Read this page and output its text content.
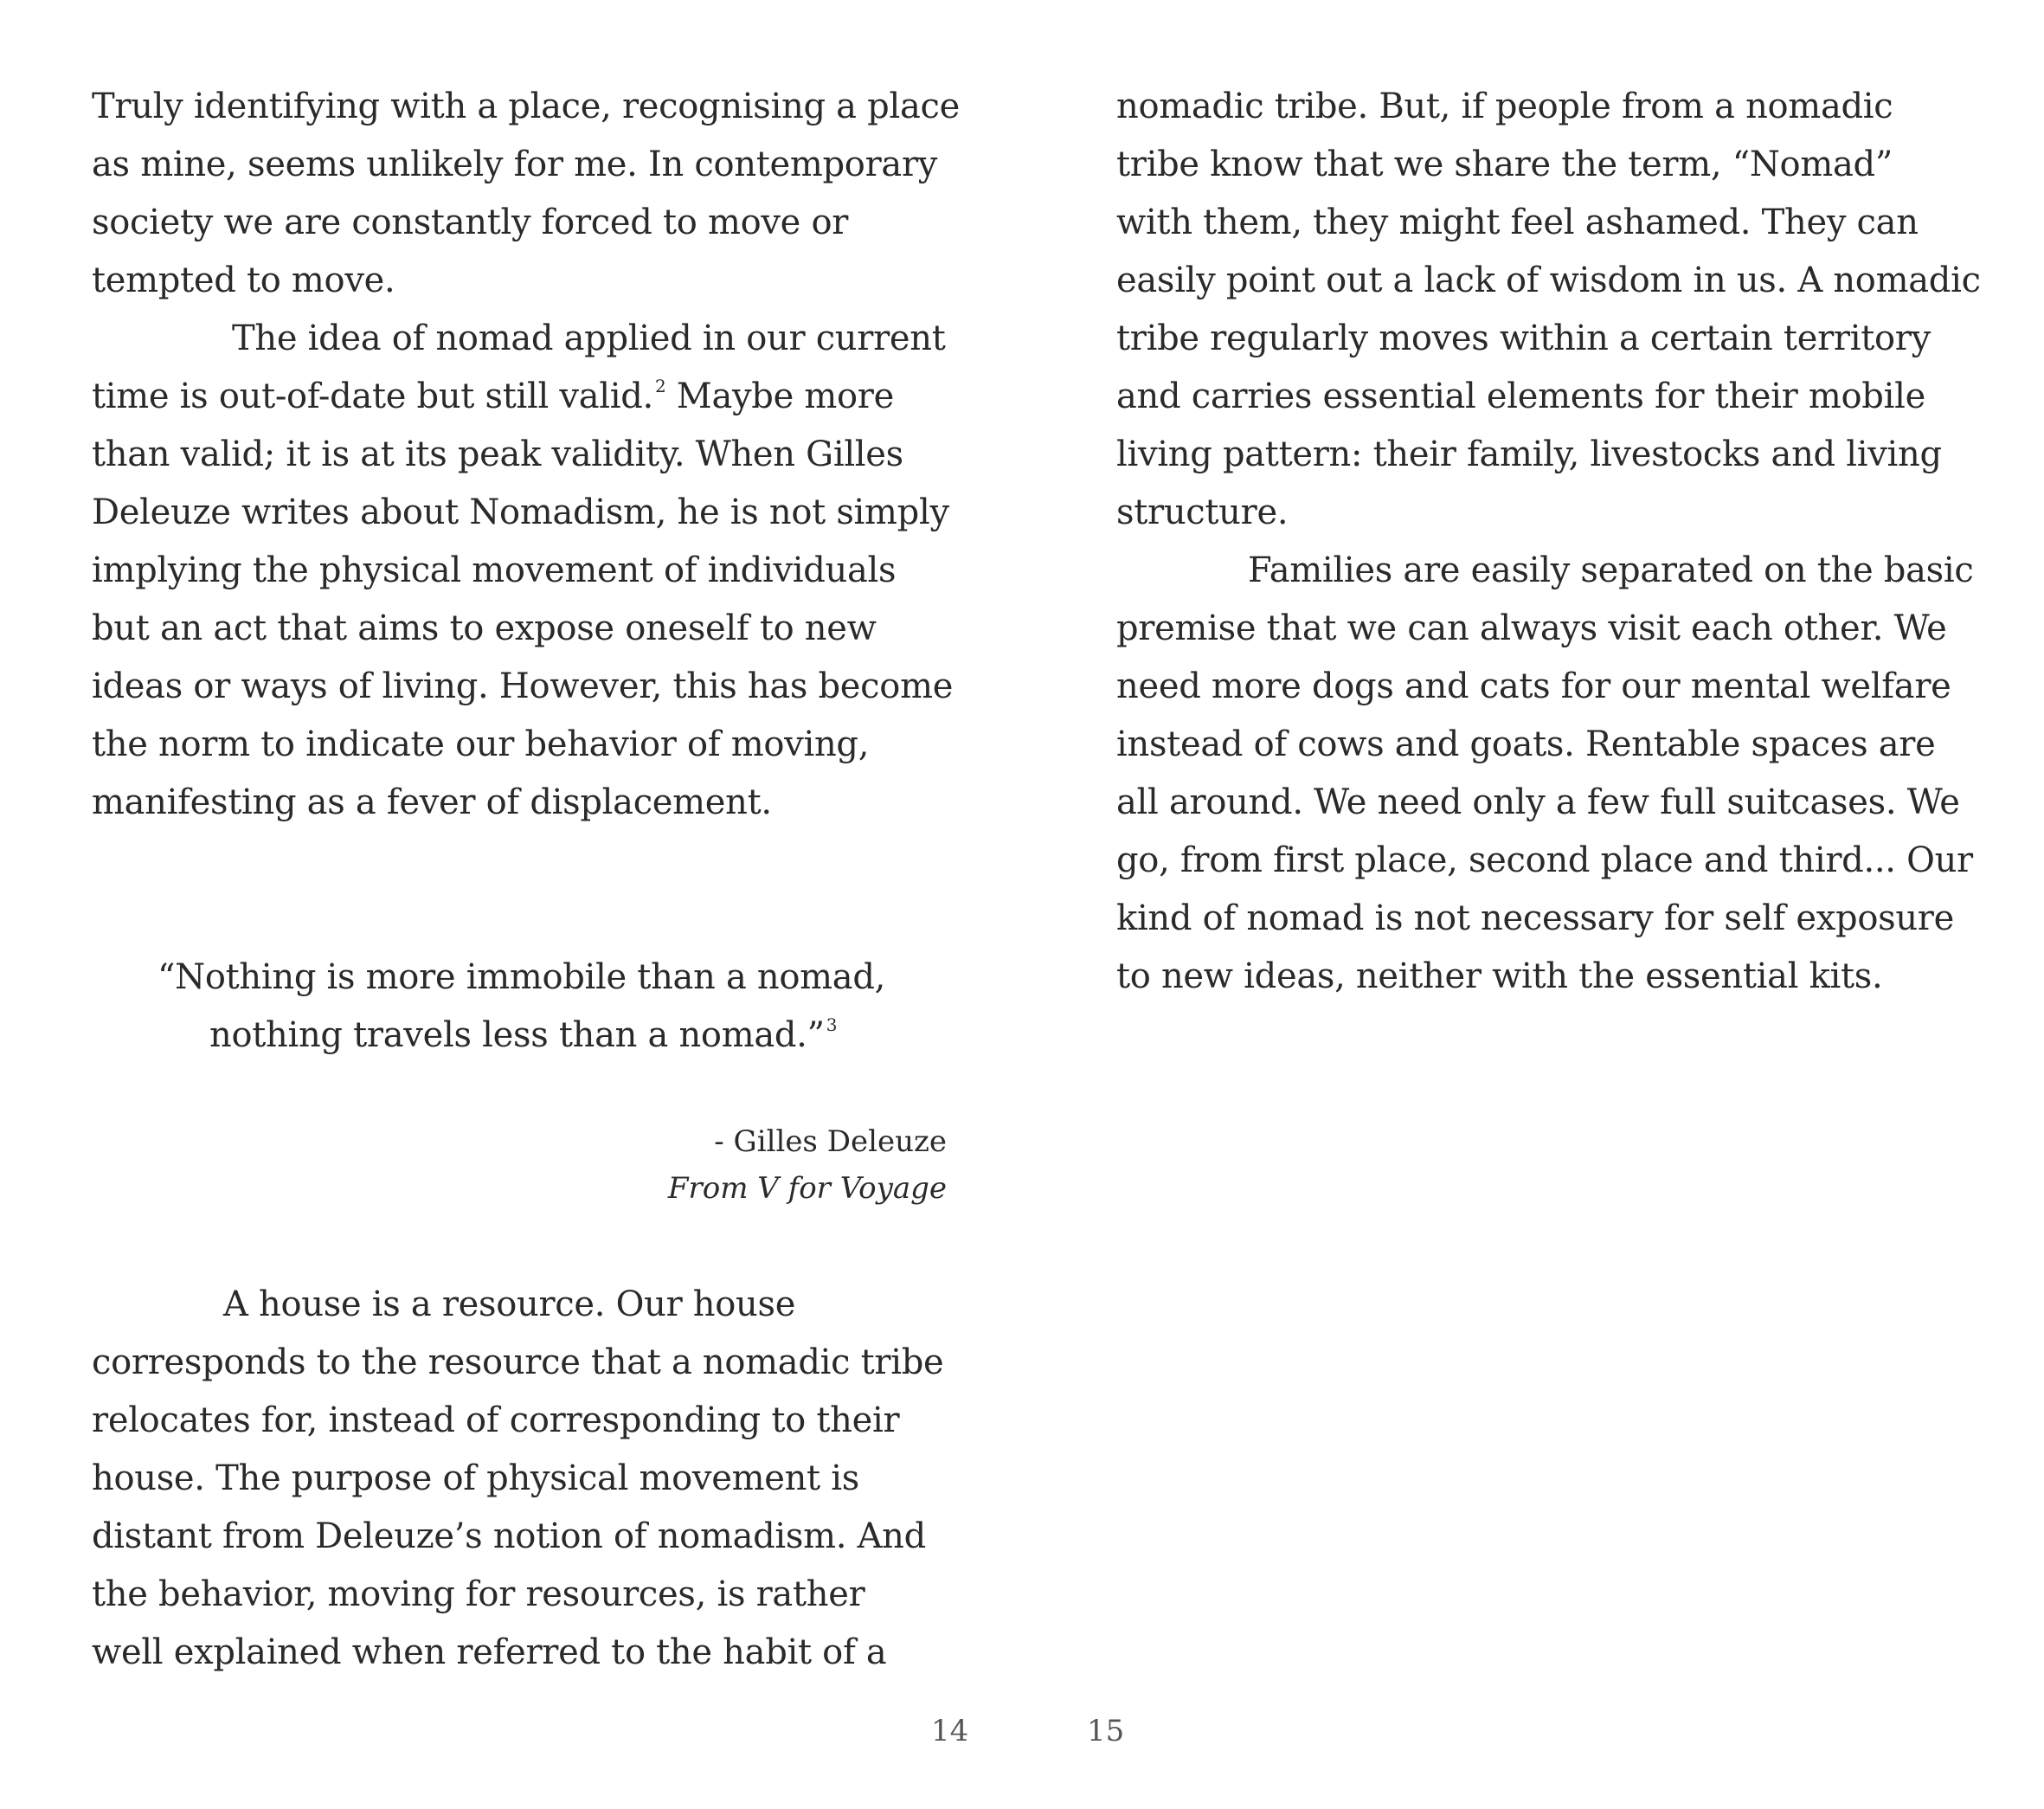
Truly identifying with a place, recognising a place
as mine, seems unlikely for me. In contemporary
society we are constantly forced to move or
tempted to move.
The idea of nomad applied in our current
time is out-of-date but still valid. $^2$ Maybe more
than valid; it is at its peak validity. When Gilles
Deleuze writes about Nomadism, he is not simply
implying the physical movement of individuals
but an act that aims to expose oneself to new
ideas or ways of living. However, this has become
the norm to indicate our behavior of moving,
manifesting as a fever of displacement.
“Nothing is more immobile than a nomad,
nothing travels less than a nomad.” $^3$
- Gilles Deleuze
From V for Voyage
A house is a resource. Our house
corresponds to the resource that a nomadic tribe
relocates for, instead of corresponding to their
house. The purpose of physical movement is
distant from Deleuze’s notion of nomadism. And
the behavior, moving for resources, is rather
well explained when referred to the habit of a
nomadic tribe. But, if people from a nomadic
tribe know that we share the term, “Nomad”
with them, they might feel ashamed. They can
easily point out a lack of wisdom in us. A nomadic
tribe regularly moves within a certain territory
and carries essential elements for their mobile
living pattern: their family, livestocks and living
structure.
Families are easily separated on the basic
premise that we can always visit each other. We
need more dogs and cats for our mental welfare
instead of cows and goats. Rentable spaces are
all around. We need only a few full suitcases. We
go, from first place, second place and third... Our
kind of nomad is not necessary for self exposure
to new ideas, neither with the essential kits.
14	15
